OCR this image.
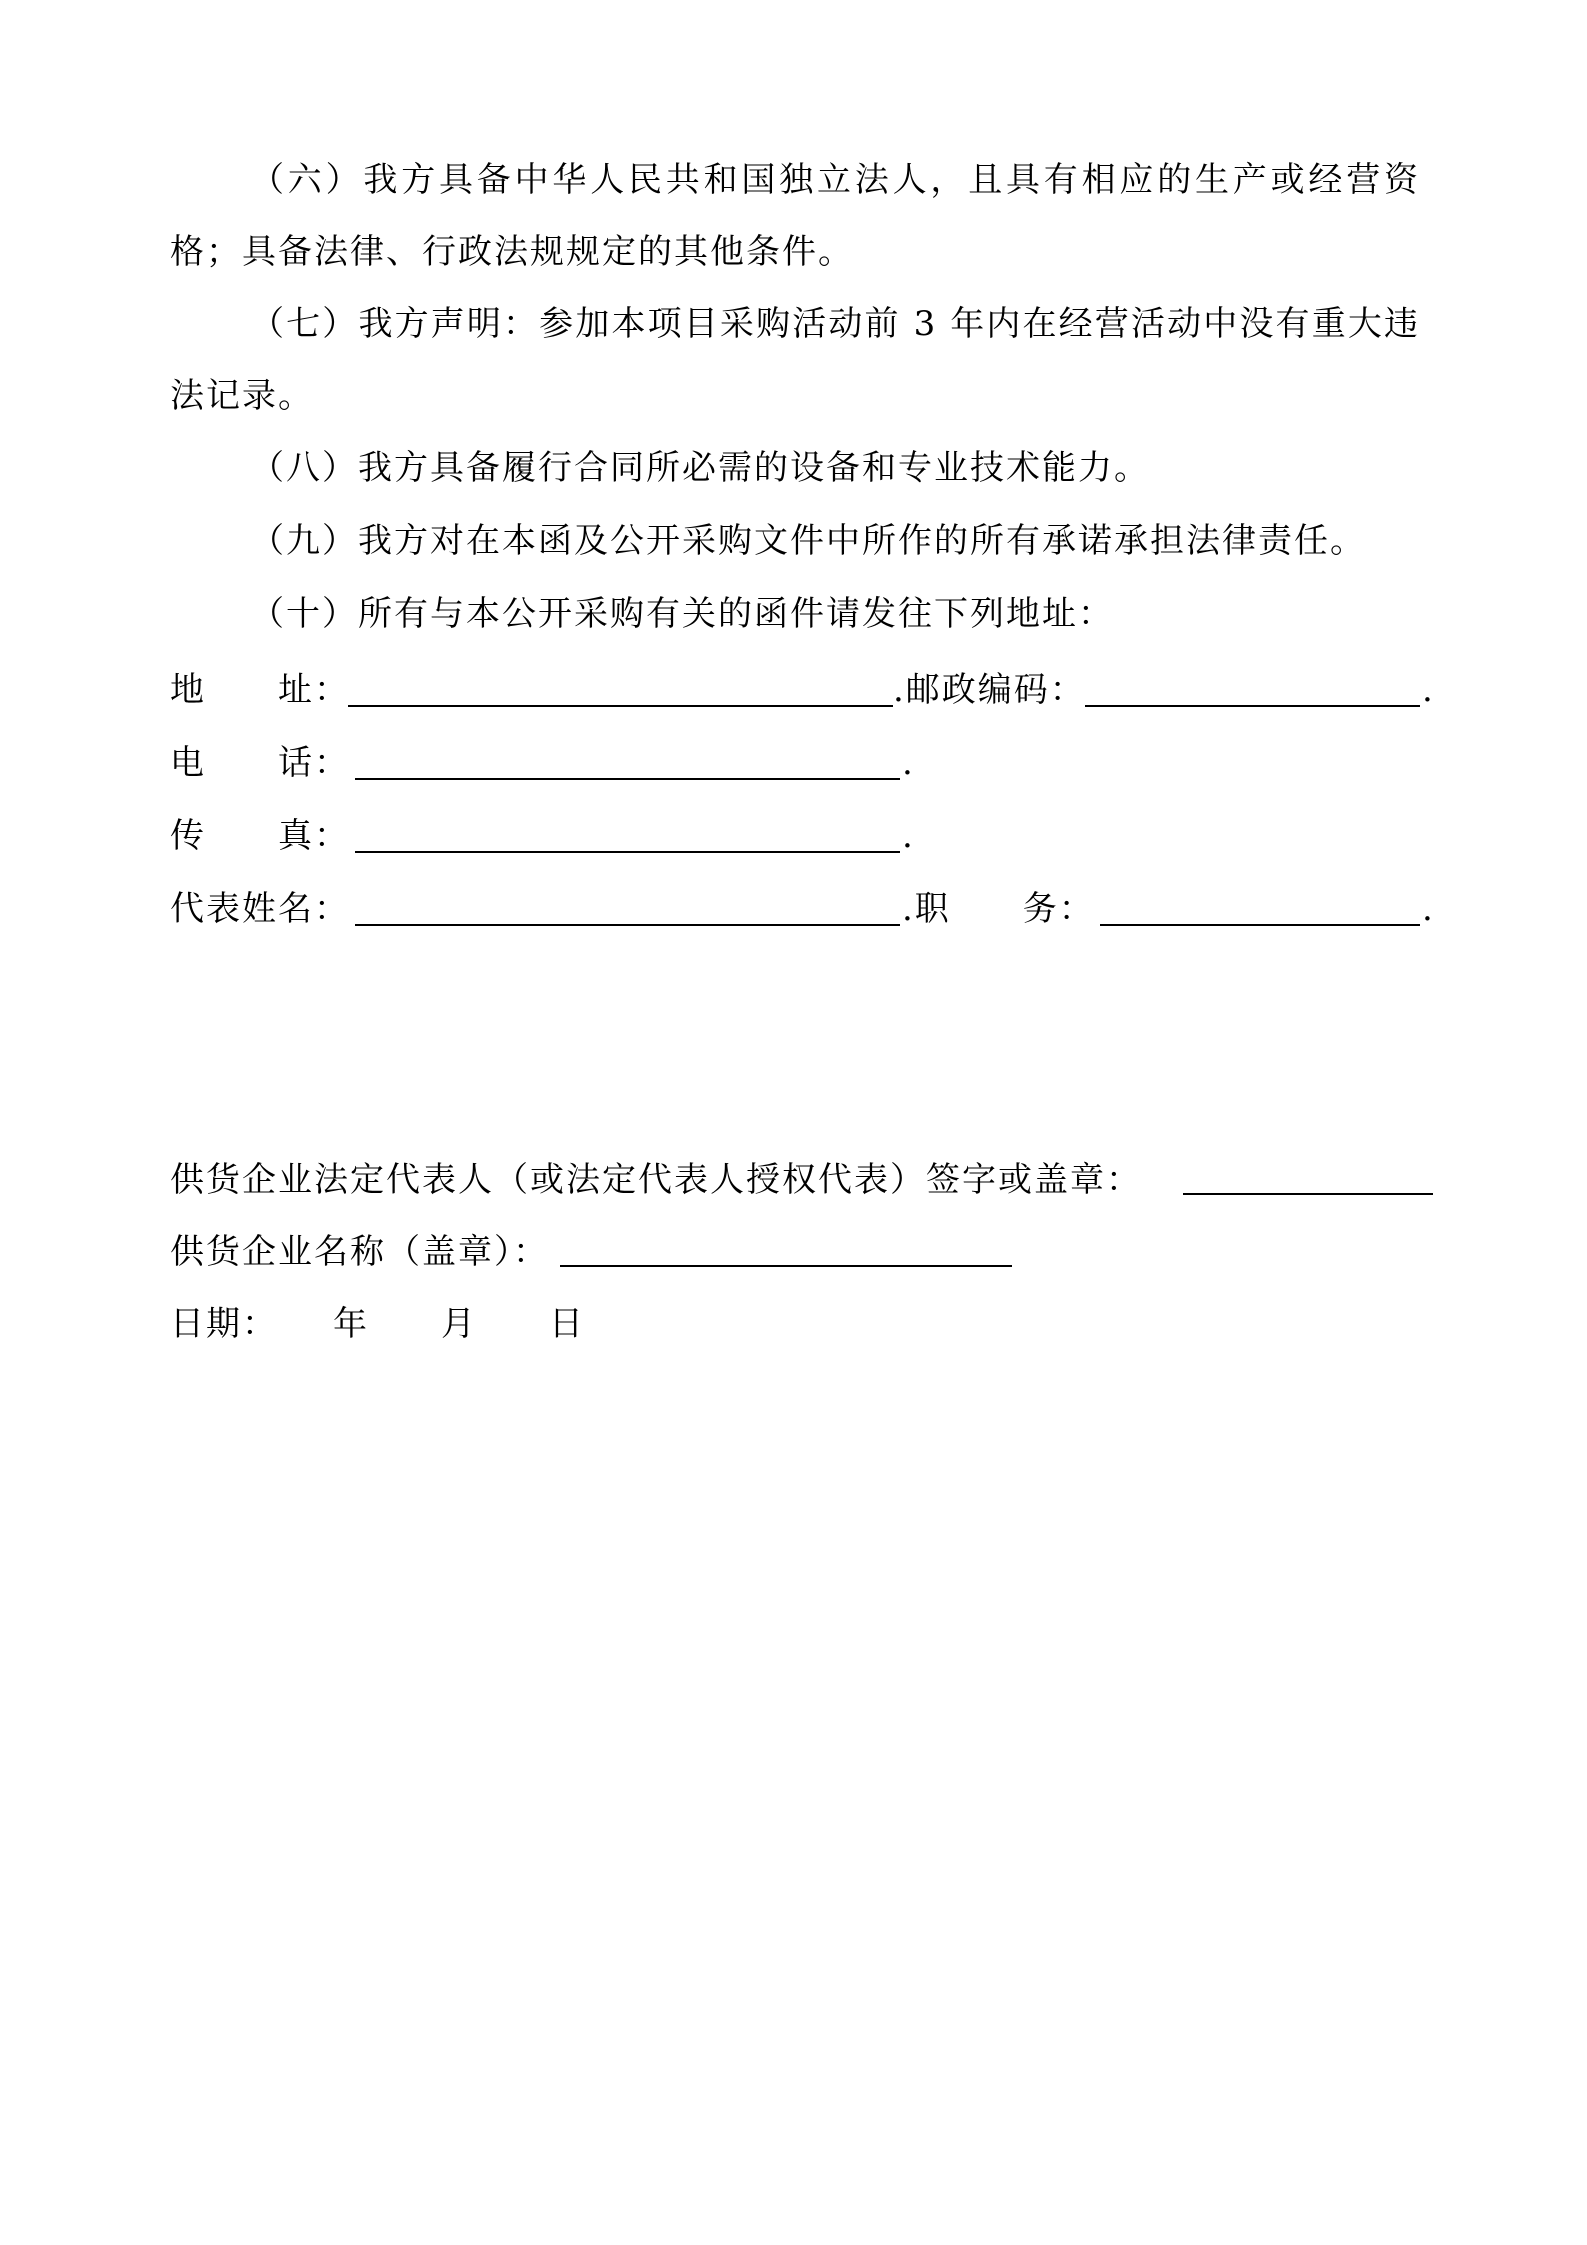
（六）我方具备中华人民共和国独立法人，且具有相应的生产或经营资格；具备法律、行政法规规定的其他条件。

（七）我方声明：参加本项目采购活动前 3 年内在经营活动中没有重大违法记录。

（八）我方具备履行合同所必需的设备和专业技术能力。

（九）我方对在本函及公开采购文件中所作的所有承诺承担法律责任。

（十）所有与本公开采购有关的函件请发往下列地址：

地　　址：	.邮政编码：	.
电　　话：	.
传　　真：	.
代表姓名：	.职　　务：	.
供货企业法定代表人（或法定代表人授权代表）签字或盖章：
供货企业名称（盖章）：
日期：　　年　　月　　日
